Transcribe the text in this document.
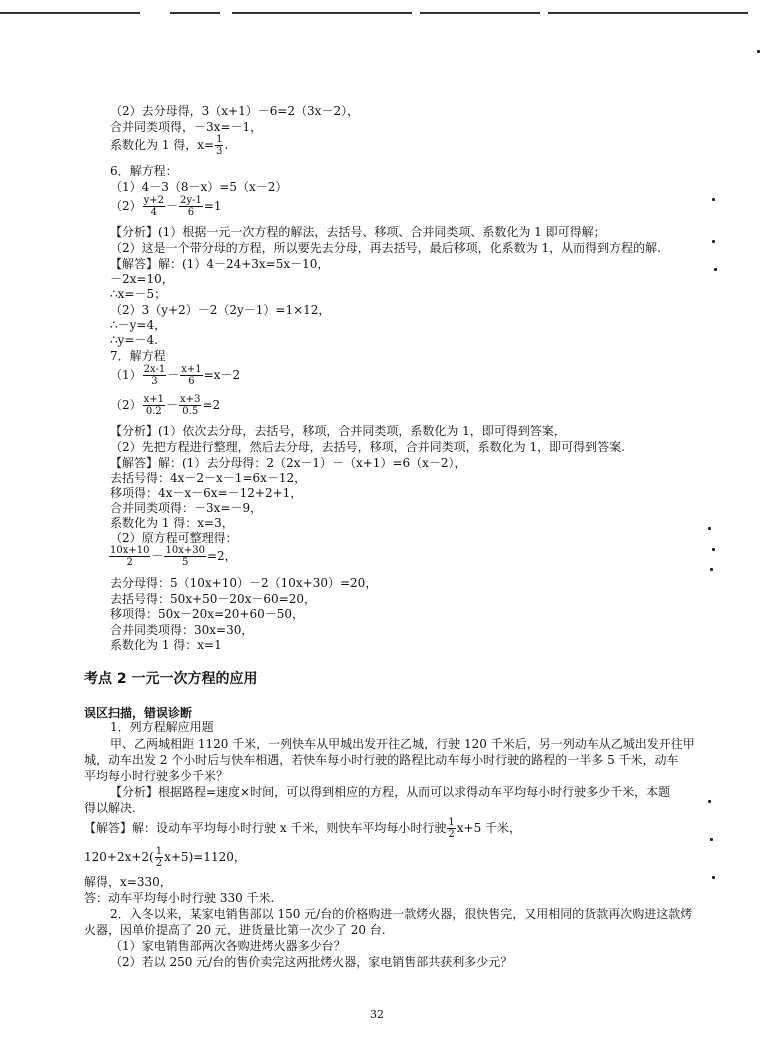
（2）去分母得，3（x+1）－6=2（3x－2），
合并同类项得，－3x=－1，
系数化为 1 得，$x= \frac{1}{3}$ .
6．解方程：
（1）4－3（8－x）=5（x－2）
$(2) \frac{y+2}{4} - \frac{2y-1}{6} =1$
【分析】(1）根据一元一次方程的解法，去括号、移项、合并同类项、系数化为 1 即可得解；
（2）这是一个带分母的方程，所以要先去分母，再去括号，最后移项，化系数为 1，从而得到方程的解.
【解答】解：(1）4－24+3x=5x－10，
－2x=10，
∴x=－5；
（2）3（y+2）－2（2y－1）=1×12，
∴－y=4，
∴y=－4.
7．解方程
$(1) \frac{2x-1}{3} - \frac{x+1}{6} =x-2$
$(2) \frac{x+1}{0.2} - \frac{x+3}{0.5} =2$
【分析】(1）依次去分母，去括号，移项，合并同类项，系数化为 1，即可得到答案，
（2）先把方程进行整理，然后去分母，去括号，移项，合并同类项，系数化为 1，即可得到答案.
【解答】解：(1）去分母得：2（2x－1）－（x+1）=6（x－2），
去括号得：4x－2－x－1=6x－12，
移项得：4x－x－6x=－12+2+1，
合并同类项得：－3x=－9，
系数化为 1 得：x=3，
（2）原方程可整理得：
$\frac{10x+10}{2} - \frac{10x+30}{5} =2$，
去分母得：5（10x+10）－2（10x+30）=20，
去括号得：50x+50－20x－60=20，
移项得：50x－20x=20+60－50，
合并同类项得：30x=30，
系数化为 1 得：x=1
考点 2 一元一次方程的应用
误区扫描，错误诊断
1．列方程解应用题
甲、乙两城相距 1120 千米，一列快车从甲城出发开往乙城，行驶 120 千米后，另一列动车从乙城出发开往甲
城，动车出发 2 个小时后与快车相遇，若快车每小时行驶的路程比动车每小时行驶的路程的一半多 5 千米，动车
平均每小时行驶多少千米？
【分析】根据路程=速度×时间，可以得到相应的方程，从而可以求得动车平均每小时行驶多少千米，本题
得以解决.
【解答】解：设动车平均每小时行驶 x 千米，则快车平均每小时行驶 $\frac{1}{2} x+5$ 千米，
$120+2x+2( \frac{1}{2} x+5)=1120$，
解得，x=330，
答：动车平均每小时行驶 330 千米.
2．入冬以来，某家电销售部以 150 元/台的价格购进一款烤火器，很快售完，又用相同的货款再次购进这款烤
火器，因单价提高了 20 元，进货量比第一次少了 20 台.
（1）家电销售部两次各购进烤火器多少台？
（2）若以 250 元/台的售价卖完这两批烤火器，家电销售部共获利多少元？
32
